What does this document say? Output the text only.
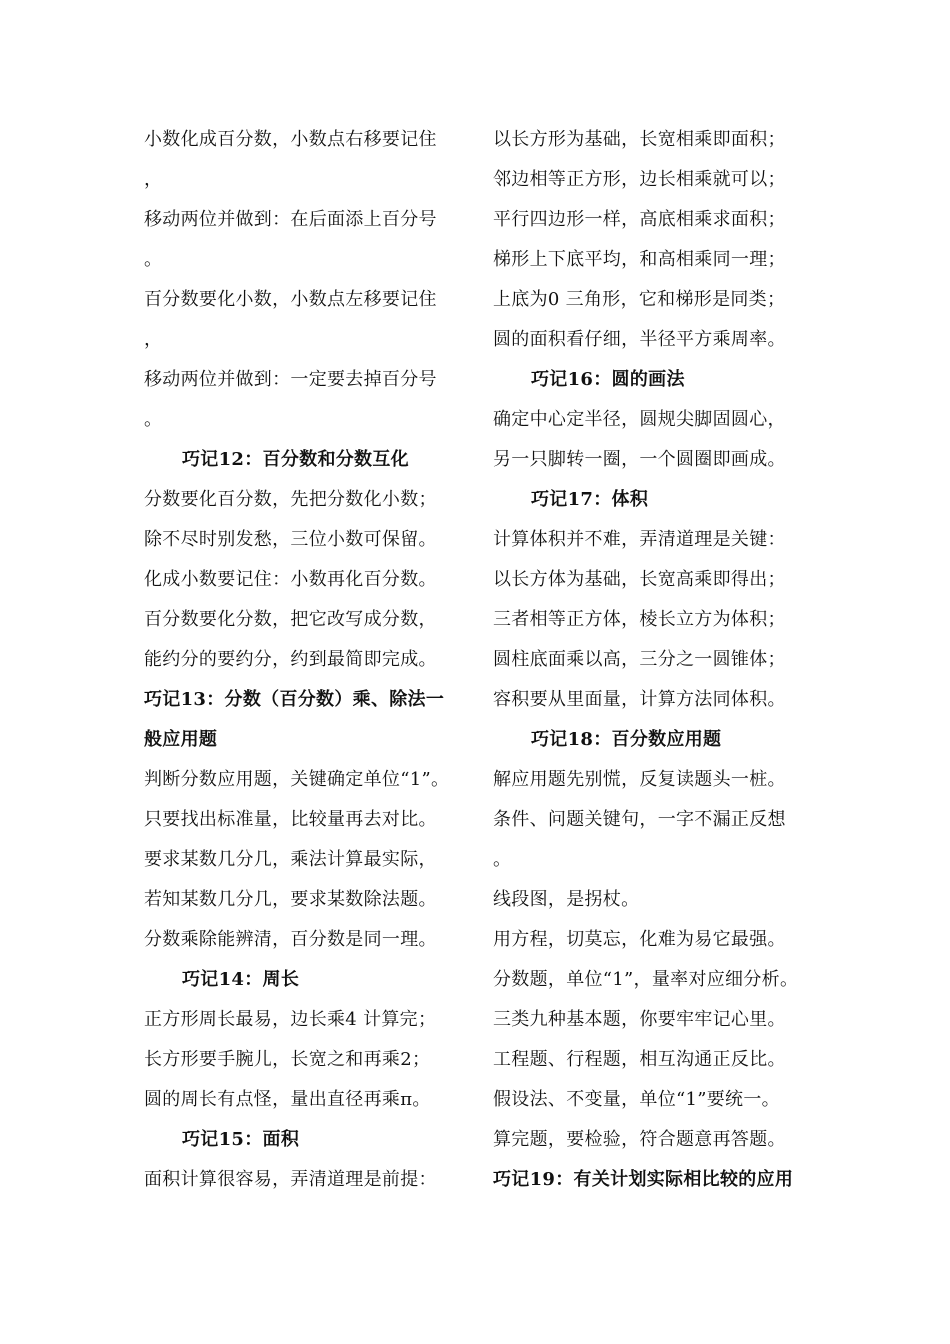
小数化成百分数，小数点右移要记住
，
移动两位并做到：在后面添上百分号
。
百分数要化小数，小数点左移要记住
，
移动两位并做到：一定要去掉百分号
。
巧记12：百分数和分数互化
分数要化百分数，先把分数化小数；
除不尽时别发愁，三位小数可保留。
化成小数要记住：小数再化百分数。
百分数要化分数，把它改写成分数，
能约分的要约分，约到最简即完成。
巧记13：分数（百分数）乘、除法一
般应用题
判断分数应用题，关键确定单位“1”。
只要找出标准量，比较量再去对比。
要求某数几分几，乘法计算最实际，
若知某数几分几，要求某数除法题。
分数乘除能辨清，百分数是同一理。
巧记14：周长
正方形周长最易，边长乘4 计算完；
长方形要手腕儿，长宽之和再乘2；
圆的周长有点怪，量出直径再乘π。
巧记15：面积
面积计算很容易，弄清道理是前提：
以长方形为基础，长宽相乘即面积；
邻边相等正方形，边长相乘就可以；
平行四边形一样，高底相乘求面积；
梯形上下底平均，和高相乘同一理；
上底为0 三角形，它和梯形是同类；
圆的面积看仔细，半径平方乘周率。
巧记16：圆的画法
确定中心定半径，圆规尖脚固圆心，
另一只脚转一圈，一个圆圈即画成。
巧记17：体积
计算体积并不难，弄清道理是关键：
以长方体为基础，长宽高乘即得出；
三者相等正方体，棱长立方为体积；
圆柱底面乘以高，三分之一圆锥体；
容积要从里面量，计算方法同体积。
巧记18：百分数应用题
解应用题先别慌，反复读题头一桩。
条件、问题关键句，一字不漏正反想
。
线段图，是拐杖。
用方程，切莫忘，化难为易它最强。
分数题，单位“1”，量率对应细分析。
三类九种基本题，你要牢牢记心里。
工程题、行程题，相互沟通正反比。
假设法、不变量，单位“1”要统一。
算完题，要检验，符合题意再答题。
巧记19：有关计划实际相比较的应用
